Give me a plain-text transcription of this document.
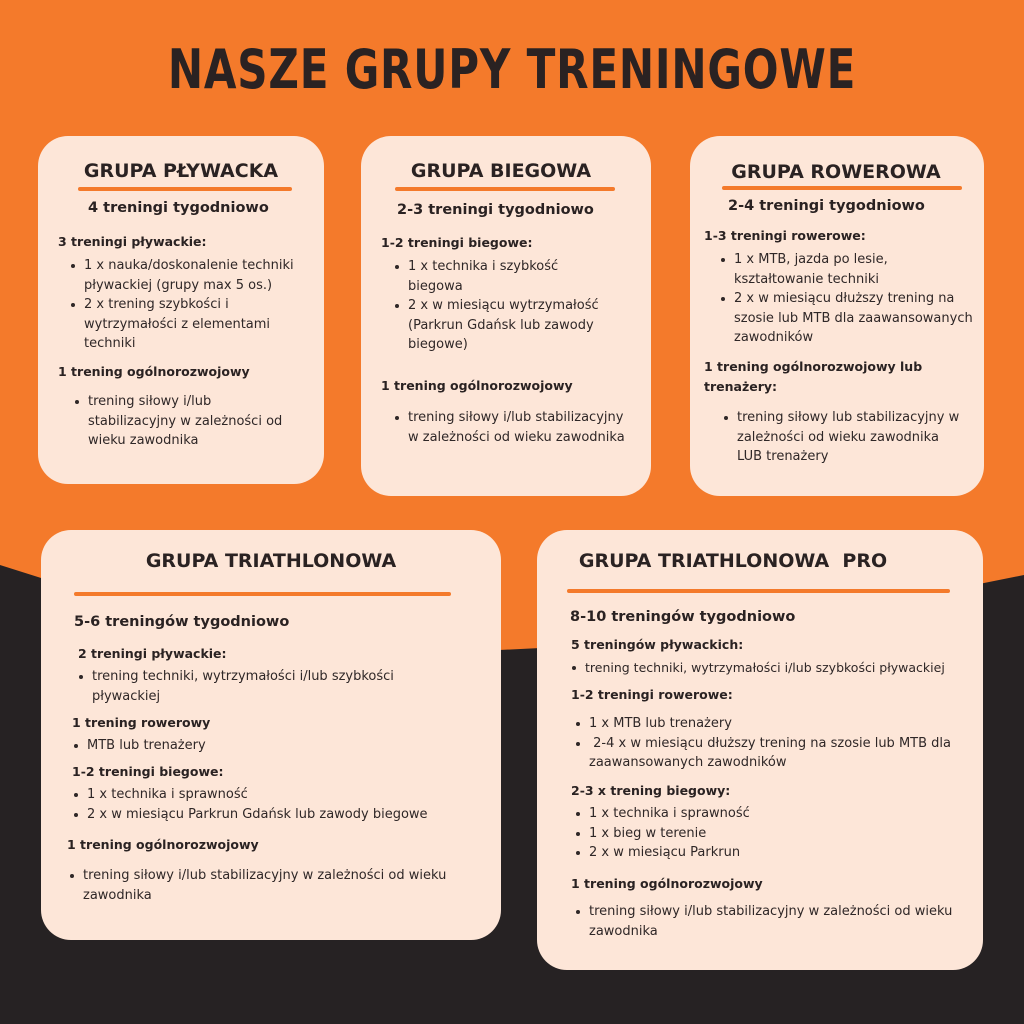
NASZE GRUPY TRENINGOWE
GRUPA PŁYWACKA
4 treningi tygodniowo
3 treningi pływackie:
1 x nauka/doskonalenie techniki pływackiej (grupy max 5 os.)
2 x trening szybkości i wytrzymałości z elementami techniki
1 trening ogólnorozwojowy
trening siłowy i/lub stabilizacyjny w zależności od wieku zawodnika
GRUPA BIEGOWA
2-3 treningi tygodniowo
1-2 treningi biegowe:
1 x technika i szybkość biegowa
2 x w miesiącu wytrzymałość (Parkrun Gdańsk lub zawody biegowe)
1 trening ogólnorozwojowy
trening siłowy i/lub stabilizacyjny w zależności od wieku zawodnika
GRUPA ROWEROWA
2-4 treningi tygodniowo
1-3 treningi rowerowe:
1 x MTB, jazda po lesie, kształtowanie techniki
2 x w miesiącu dłuższy trening na szosie lub MTB dla zaawansowanych zawodników
1 trening ogólnorozwojowy lub trenażery:
trening siłowy lub stabilizacyjny w zależności od wieku zawodnika LUB trenażery
GRUPA TRIATHLONOWA
5-6 treningów tygodniowo
2 treningi pływackie:
trening techniki, wytrzymałości i/lub szybkości pływackiej
1 trening rowerowy
MTB lub trenażery
1-2 treningi biegowe:
1 x technika i sprawność
2 x w miesiącu Parkrun Gdańsk lub zawody biegowe
1 trening ogólnorozwojowy
trening siłowy i/lub stabilizacyjny w zależności od wieku zawodnika
GRUPA TRIATHLONOWA  PRO
8-10 treningów tygodniowo
5 treningów pływackich:
trening techniki, wytrzymałości i/lub szybkości pływackiej
1-2 treningi rowerowe:
1 x MTB lub trenażery
2-4 x w miesiącu dłuższy trening na szosie lub MTB dla zaawansowanych zawodników
2-3 x trening biegowy:
1 x technika i sprawność
1 x bieg w terenie
2 x w miesiącu Parkrun
1 trening ogólnorozwojowy
trening siłowy i/lub stabilizacyjny w zależności od wieku zawodnika
